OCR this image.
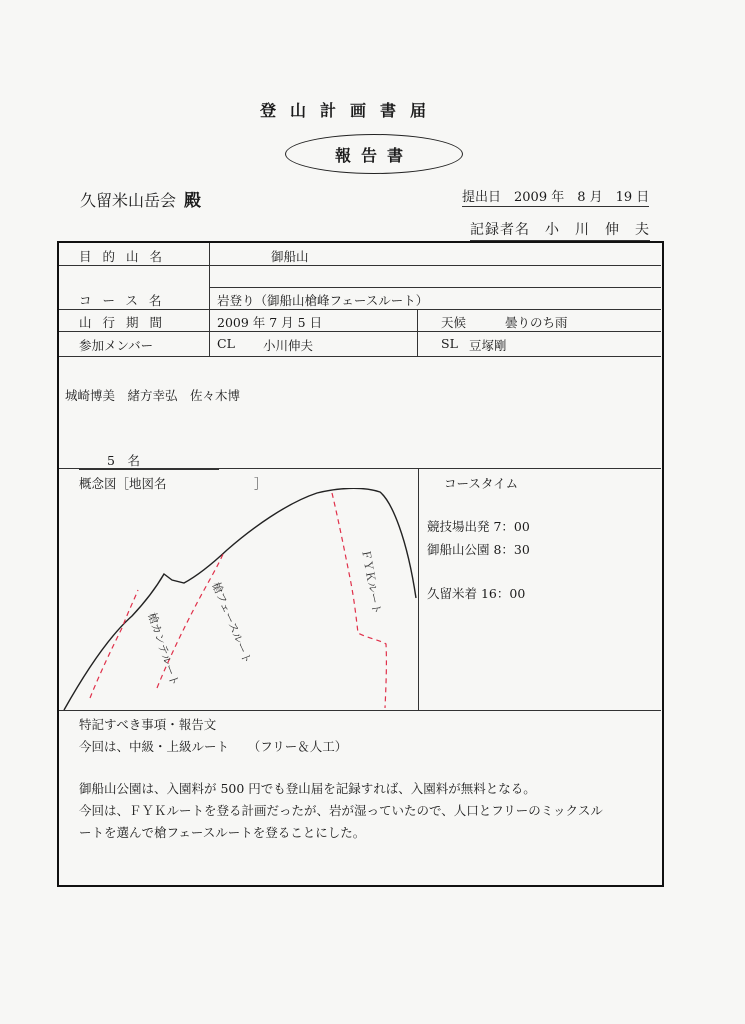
登山計画書届
報告書
久留米山岳会 殿	提出日　2009 年　8 月　19 日
記録者名　小　川　伸　夫
目的山名	御船山
コース名	岩登り（御船山槍峰フェースルート）
山行期間	2009 年 7 月 5 日	天候	曇りのち雨
参加メンバー	CL 小川伸夫	SL 豆塚剛
城崎博美　緒方幸弘　佐々木博
5　名
概念図［地図名　　　　　　　］	コースタイム
競技場出発 7：00
御船山公園 8：30
久留米着 16：00
特記すべき事項・報告文
今回は、中級・上級ルート　　（フリー＆人工）
御船山公園は、入園料が 500 円でも登山届を記録すれば、入園料が無料となる。
今回は、ＦＹＫルートを登る計画だったが、岩が湿っていたので、人口とフリーのミックスル
ートを選んで槍フェースルートを登ることにした。
槍カンテルート	槍フェースルート	ＦＹＫルート
